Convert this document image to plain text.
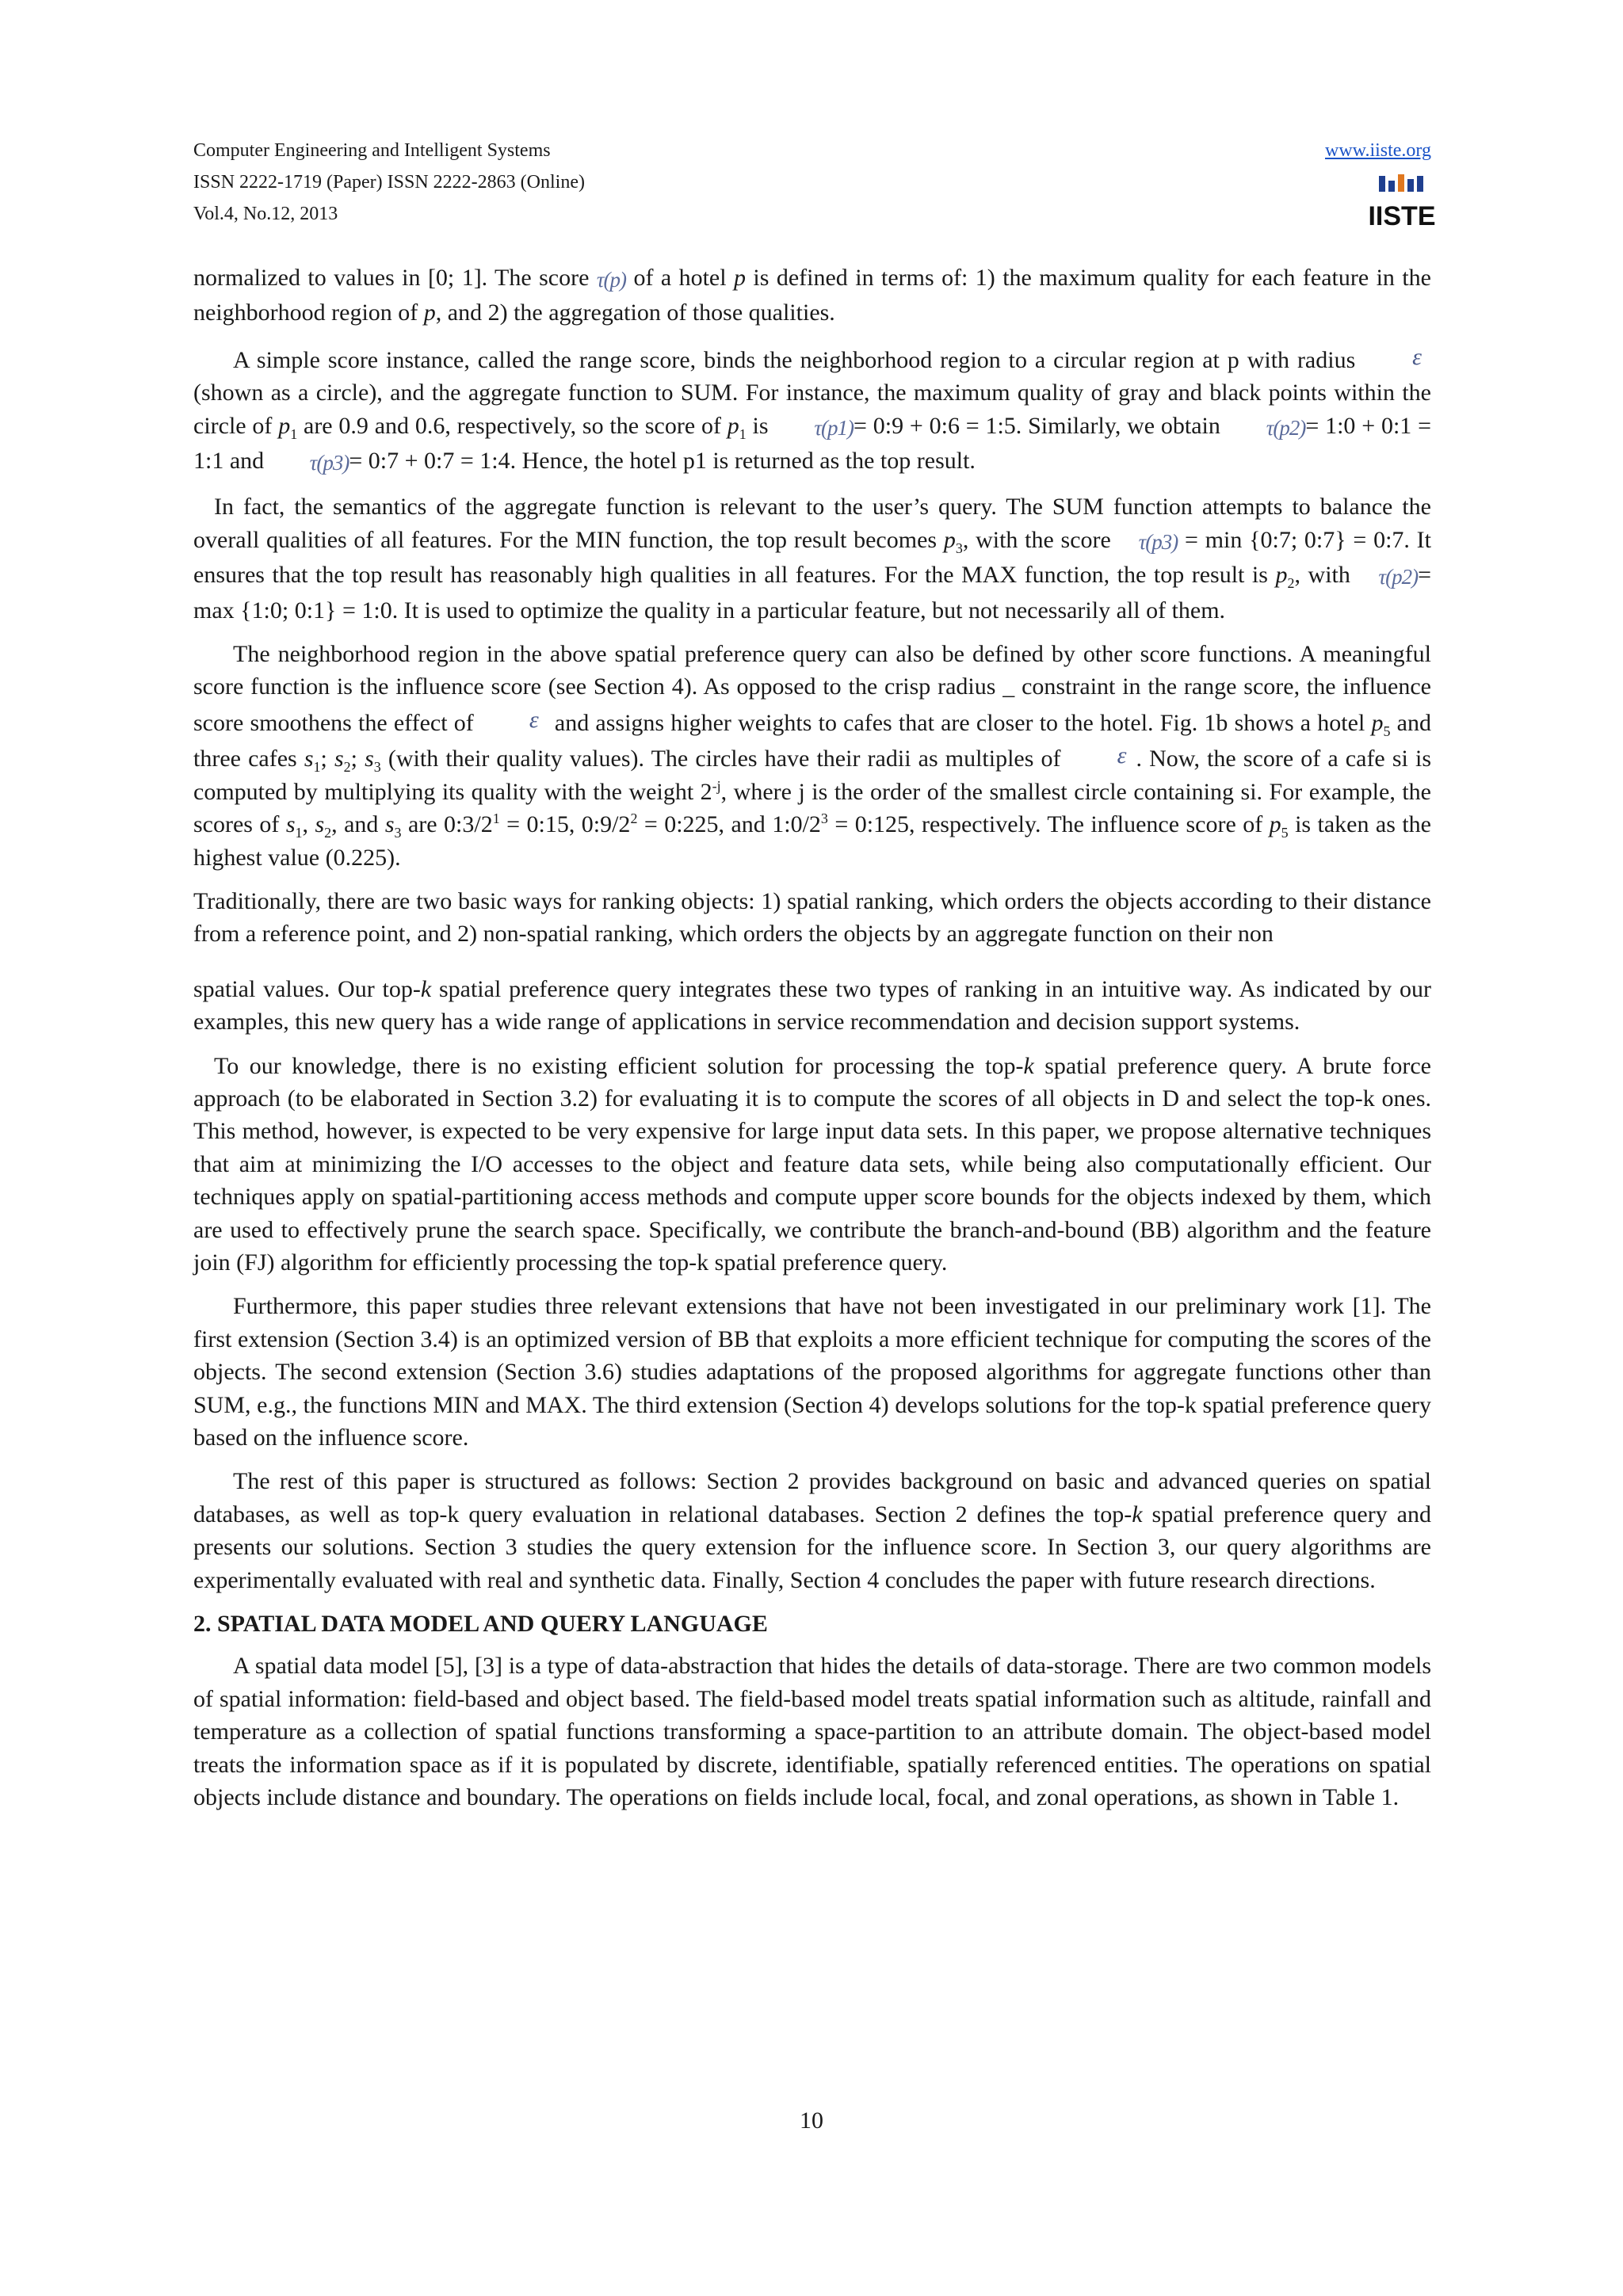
Computer Engineering and Intelligent Systems
ISSN 2222-1719 (Paper) ISSN 2222-2863 (Online)
Vol.4, No.12, 2013
www.iiste.org
IISTE

normalized to values in [0; 1]. The score τ(p) of a hotel p is defined in terms of: 1) the maximum quality for each feature in the neighborhood region of p, and 2) the aggregation of those qualities.

A simple score instance, called the range score, binds the neighborhood region to a circular region at p with radius ε (shown as a circle), and the aggregate function to SUM. For instance, the maximum quality of gray and black points within the circle of $p_1$ are 0.9 and 0.6, respectively, so the score of $p_1$ is τ(p1)= 0:9 + 0:6 = 1:5. Similarly, we obtain τ(p2)= 1:0 + 0:1 = 1:1 and τ(p3)= 0:7 + 0:7 = 1:4. Hence, the hotel p1 is returned as the top result.

In fact, the semantics of the aggregate function is relevant to the user’s query. The SUM function attempts to balance the overall qualities of all features. For the MIN function, the top result becomes $p_3$, with the score τ(p3) = min {0:7; 0:7} = 0:7. It ensures that the top result has reasonably high qualities in all features. For the MAX function, the top result is $p_2$, with τ(p2)= max {1:0; 0:1} = 1:0. It is used to optimize the quality in a particular feature, but not necessarily all of them.

The neighborhood region in the above spatial preference query can also be defined by other score functions. A meaningful score function is the influence score (see Section 4). As opposed to the crisp radius _ constraint in the range score, the influence score smoothens the effect of ε and assigns higher weights to cafes that are closer to the hotel. Fig. 1b shows a hotel $p_5$ and three cafes $s_1$; $s_2$; $s_3$ (with their quality values). The circles have their radii as multiples of ε . Now, the score of a cafe si is computed by multiplying its quality with the weight $2^{-j}$, where j is the order of the smallest circle containing si. For example, the scores of $s_1$, $s_2$, and $s_3$ are $0:3/2^1$ = 0:15, $0:9/2^2$ = 0:225, and $1:0/2^3$ = 0:125, respectively. The influence score of $p_5$ is taken as the highest value (0.225).

Traditionally, there are two basic ways for ranking objects: 1) spatial ranking, which orders the objects according to their distance from a reference point, and 2) non-spatial ranking, which orders the objects by an aggregate function on their non

spatial values. Our top-k spatial preference query integrates these two types of ranking in an intuitive way. As indicated by our examples, this new query has a wide range of applications in service recommendation and decision support systems.

To our knowledge, there is no existing efficient solution for processing the top-k spatial preference query. A brute force approach (to be elaborated in Section 3.2) for evaluating it is to compute the scores of all objects in D and select the top-k ones. This method, however, is expected to be very expensive for large input data sets. In this paper, we propose alternative techniques that aim at minimizing the I/O accesses to the object and feature data sets, while being also computationally efficient. Our techniques apply on spatial-partitioning access methods and compute upper score bounds for the objects indexed by them, which are used to effectively prune the search space. Specifically, we contribute the branch-and-bound (BB) algorithm and the feature join (FJ) algorithm for efficiently processing the top-k spatial preference query.

Furthermore, this paper studies three relevant extensions that have not been investigated in our preliminary work [1]. The first extension (Section 3.4) is an optimized version of BB that exploits a more efficient technique for computing the scores of the objects. The second extension (Section 3.6) studies adaptations of the proposed algorithms for aggregate functions other than SUM, e.g., the functions MIN and MAX. The third extension (Section 4) develops solutions for the top-k spatial preference query based on the influence score.

The rest of this paper is structured as follows: Section 2 provides background on basic and advanced queries on spatial databases, as well as top-k query evaluation in relational databases. Section 2 defines the top-k spatial preference query and presents our solutions. Section 3 studies the query extension for the influence score. In Section 3, our query algorithms are experimentally evaluated with real and synthetic data. Finally, Section 4 concludes the paper with future research directions.

2. SPATIAL DATA MODEL AND QUERY LANGUAGE

A spatial data model [5], [3] is a type of data-abstraction that hides the details of data-storage. There are two common models of spatial information: field-based and object based. The field-based model treats spatial information such as altitude, rainfall and temperature as a collection of spatial functions transforming a space-partition to an attribute domain. The object-based model treats the information space as if it is populated by discrete, identifiable, spatially referenced entities. The operations on spatial objects include distance and boundary. The operations on fields include local, focal, and zonal operations, as shown in Table 1.

10
